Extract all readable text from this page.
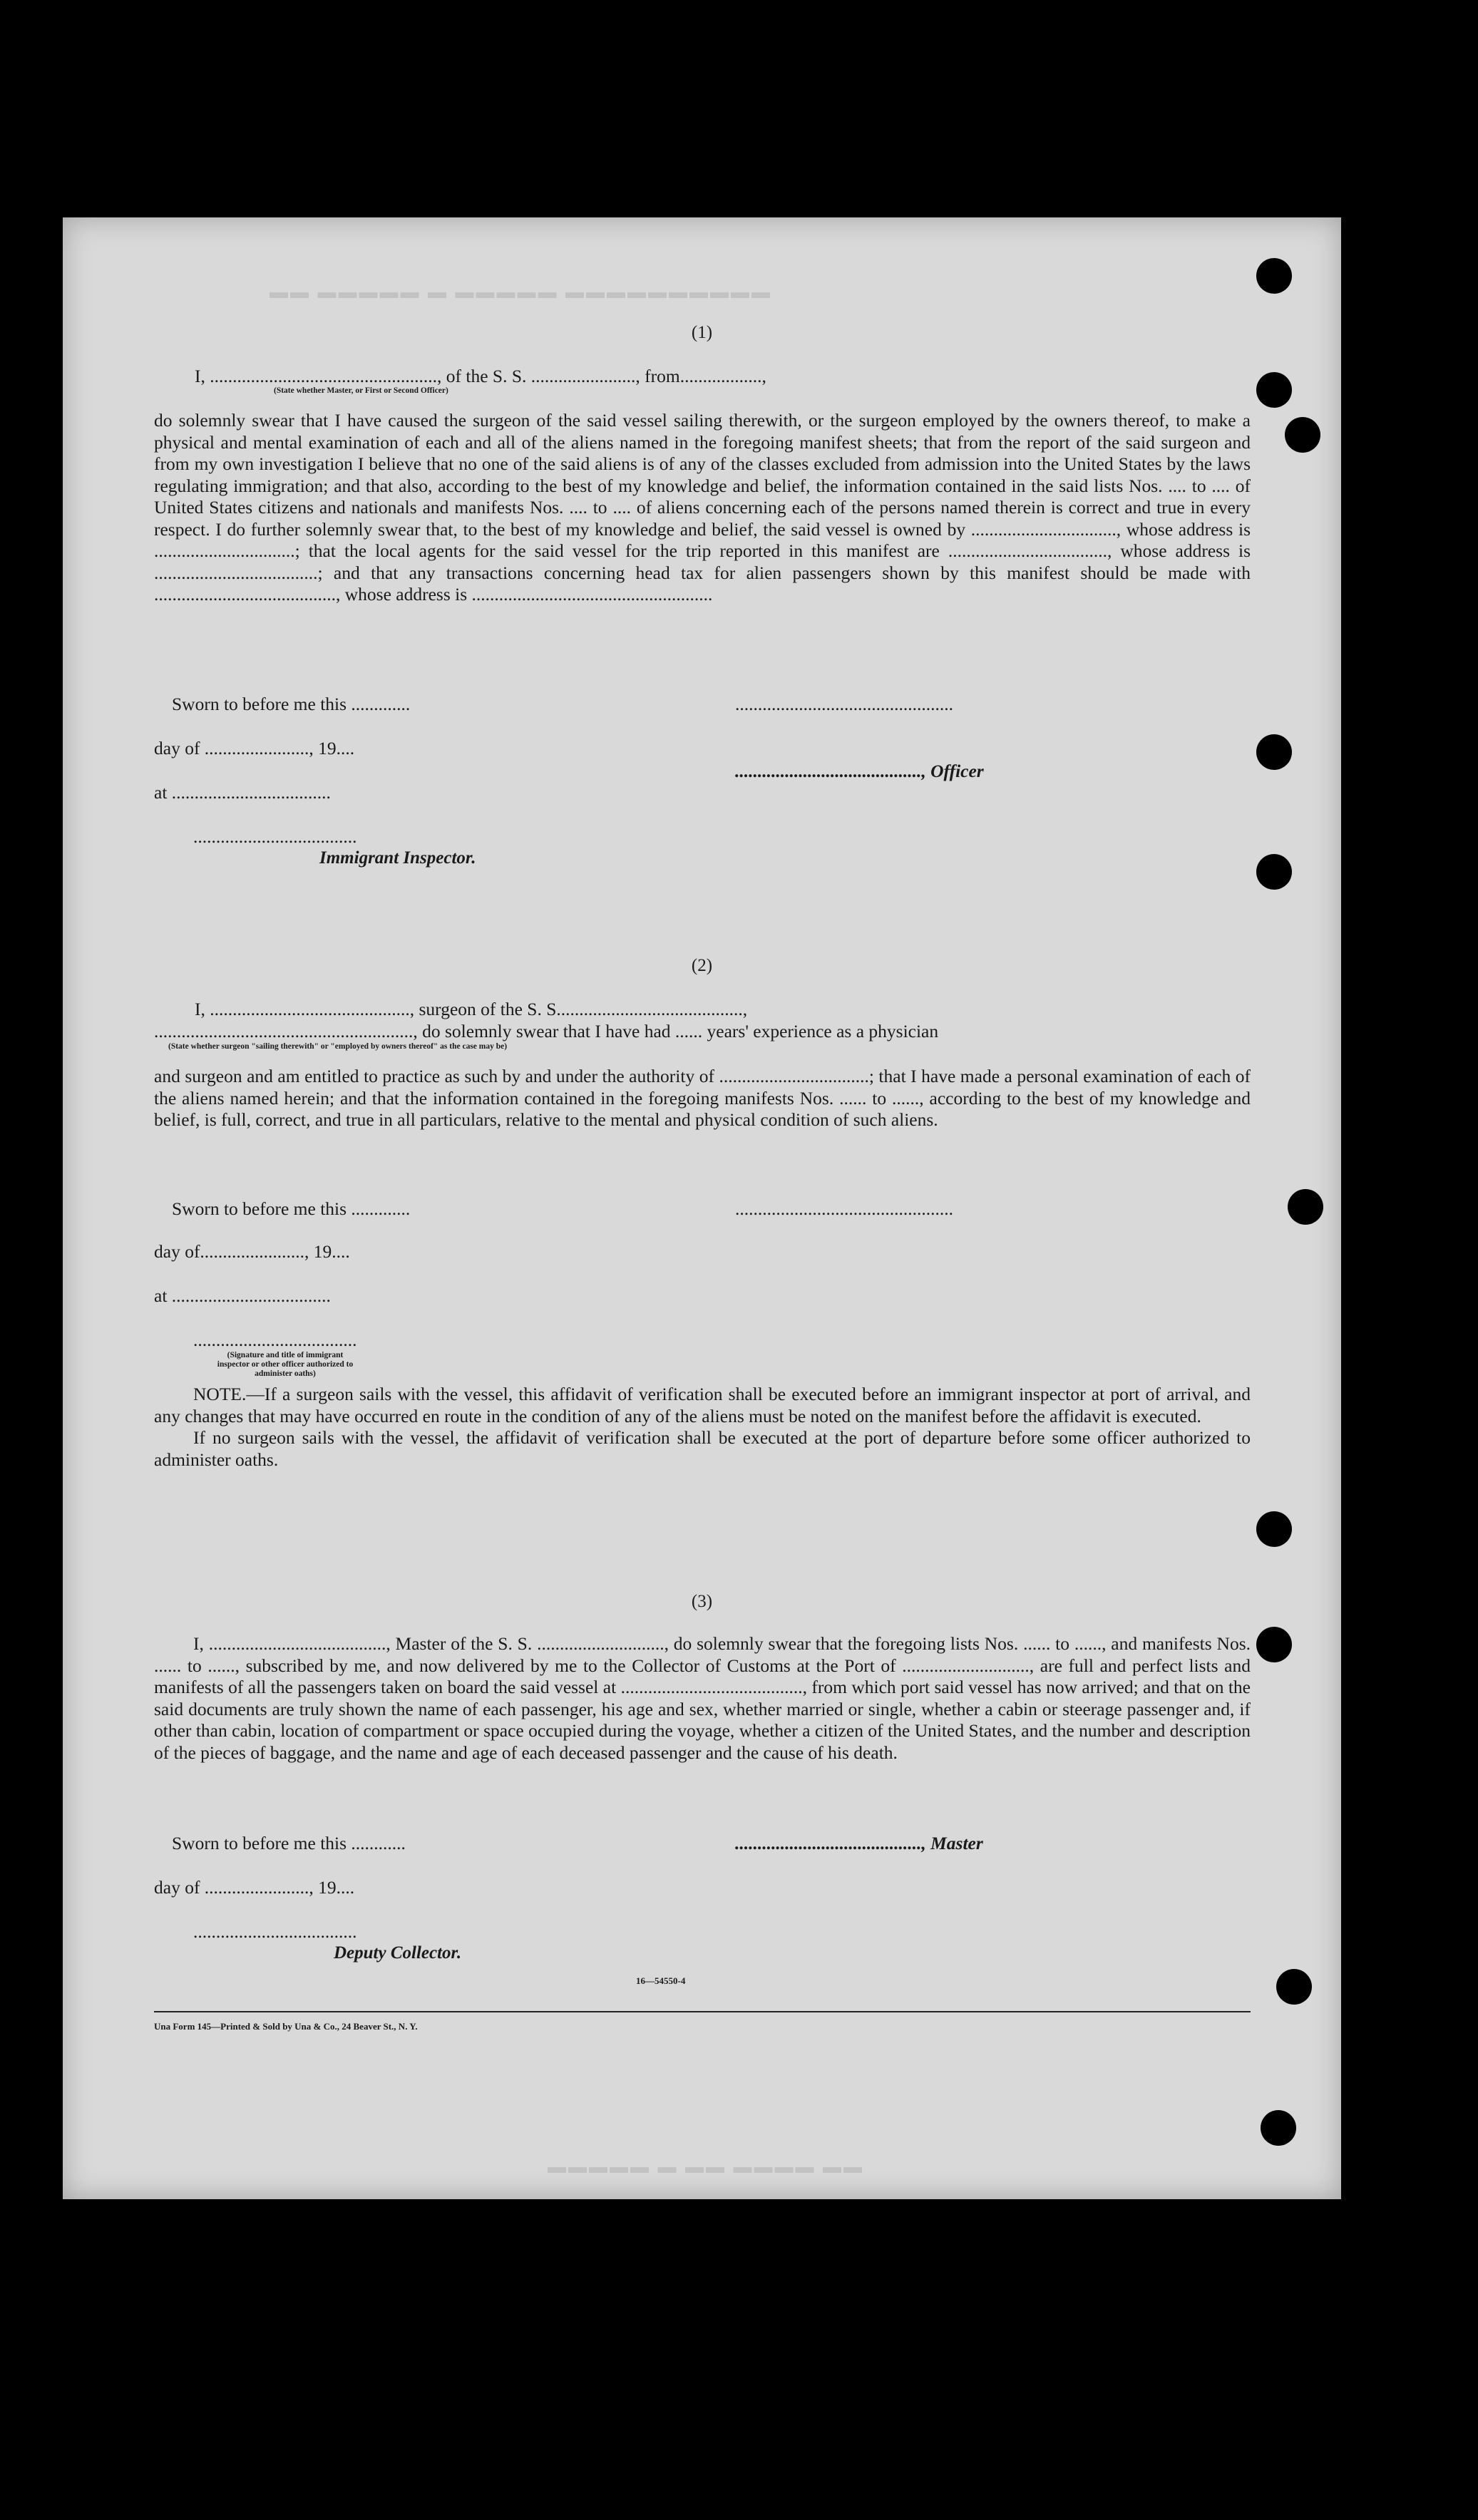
▬▬ ▬▬▬▬▬ ▬ ▬▬▬▬▬ ▬▬▬▬▬▬▬▬▬▬
▬▬▬▬▬ ▬ ▬▬ ▬▬▬▬ ▬▬
(1)
I, .................................................., of the S. S. ......................., from..................,
(State whether Master, or First or Second Officer)

do solemnly swear that I have caused the surgeon of the said vessel sailing therewith, or the surgeon employed by the owners thereof, to make a physical and mental examination of each and all of the aliens named in the foregoing manifest sheets; that from the report of the said surgeon and from my own investigation I believe that no one of the said aliens is of any of the classes excluded from admission into the United States by the laws regulating immigration; and that also, according to the best of my knowledge and belief, the information contained in the said lists Nos. .... to .... of United States citizens and nationals and manifests Nos. .... to .... of aliens concerning each of the persons named therein is correct and true in every respect. I do further solemnly swear that, to the best of my knowledge and belief, the said vessel is owned by ................................, whose address is ...............................; that the local agents for the said vessel for the trip reported in this manifest are ..................................., whose address is ....................................; and that any transactions concerning head tax for alien passengers shown by this manifest should be made with ........................................, whose address is .....................................................

Sworn to before me this .............	................................................
day of ......................., 19....
........................................., Officer
at ...................................
....................................
Immigrant Inspector.
(2)
I, ............................................, surgeon of the S. S.........................................,
........................................................., do solemnly swear that I have had ...... years' experience as a physician
(State whether surgeon "sailing therewith" or "employed by owners thereof" as the case may be)

and surgeon and am entitled to practice as such by and under the authority of .................................; that I have made a personal examination of each of the aliens named herein; and that the information contained in the foregoing manifests Nos. ...... to ......, according to the best of my knowledge and belief, is full, correct, and true in all particulars, relative to the mental and physical condition of such aliens.

Sworn to before me this .............	................................................
day of......................., 19....
at ...................................
....................................
(Signature and title of immigrant inspector or other officer authorized to administer oaths)

NOTE.—If a surgeon sails with the vessel, this affidavit of verification shall be executed before an immigrant inspector at port of arrival, and any changes that may have occurred en route in the condition of any of the aliens must be noted on the manifest before the affidavit is executed.

If no surgeon sails with the vessel, the affidavit of verification shall be executed at the port of departure before some officer authorized to administer oaths.

(3)

I, ......................................., Master of the S. S. ............................, do solemnly swear that the foregoing lists Nos. ...... to ......, and manifests Nos. ...... to ......, subscribed by me, and now delivered by me to the Collector of Customs at the Port of ............................, are full and perfect lists and manifests of all the passengers taken on board the said vessel at ........................................, from which port said vessel has now arrived; and that on the said documents are truly shown the name of each passenger, his age and sex, whether married or single, whether a cabin or steerage passenger and, if other than cabin, location of compartment or space occupied during the voyage, whether a citizen of the United States, and the number and description of the pieces of baggage, and the name and age of each deceased passenger and the cause of his death.

Sworn to before me this ............	........................................., Master
day of ......................., 19....
....................................
Deputy Collector.
16—54550-4
Una Form 145—Printed & Sold by Una & Co., 24 Beaver St., N. Y.
